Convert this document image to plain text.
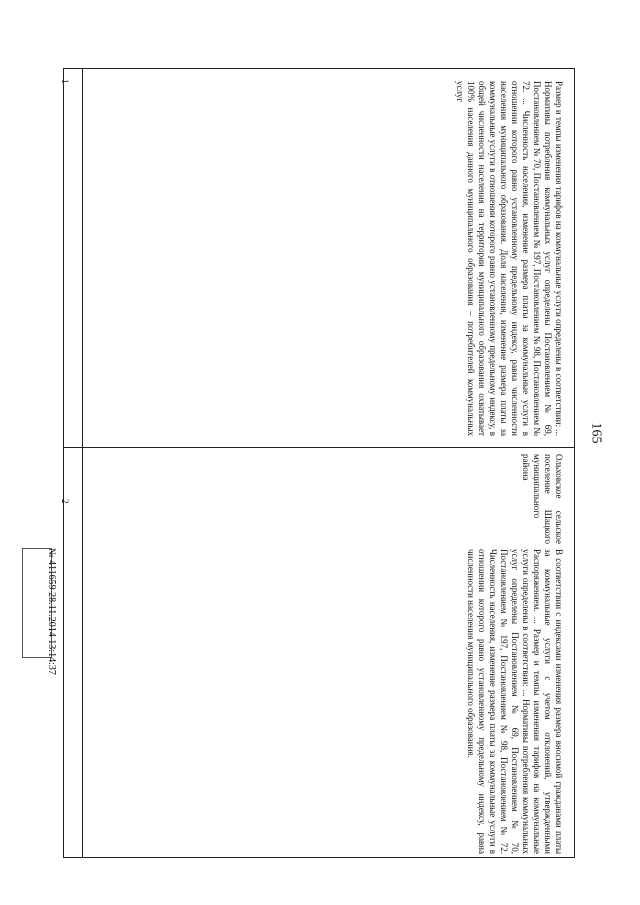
165
1
2
Размер и темпы изменения тарифов на коммунальные услуги определены в соответствии: ... Нормативы потребления коммунальных услуг определены Постановлением № 69, Постановлением № 70, Постановлением № 197, Постановлением № 98, Постановлением № 72. ... Численность населения, изменение размера платы за коммунальные услуги в отношении которого равно установленному предельному индексу, равна численности населения муниципального образования. Доля населения, изменение размера платы за коммунальные услуги в отношении которого равно установленному предельному индексу, в общей численности населения на территории муниципального образования охватывает 100% населения данного муниципального образования – потребителей коммунальных услуг
Ольховское сельское поселение Шацкого муниципального района
В соответствии с индексами изменения размера вносимой гражданами платы за коммунальные услуги с учетом отклонений, утвержденными Распоряжением. ... Размер и темпы изменения тарифов на коммунальные услуги определены в соответствии: ... Нормативы потребления коммунальных услуг определены Постановлением № 69, Постановлением № 70, Постановлением № 197, Постановлением № 98, Постановлением № 72. Численность населения, изменение размера платы за коммунальные услуги в отношении которого равно установленному предельному индексу, равна численности населения муниципального образования.
№ 411659 28.11.2014 13:14:37
